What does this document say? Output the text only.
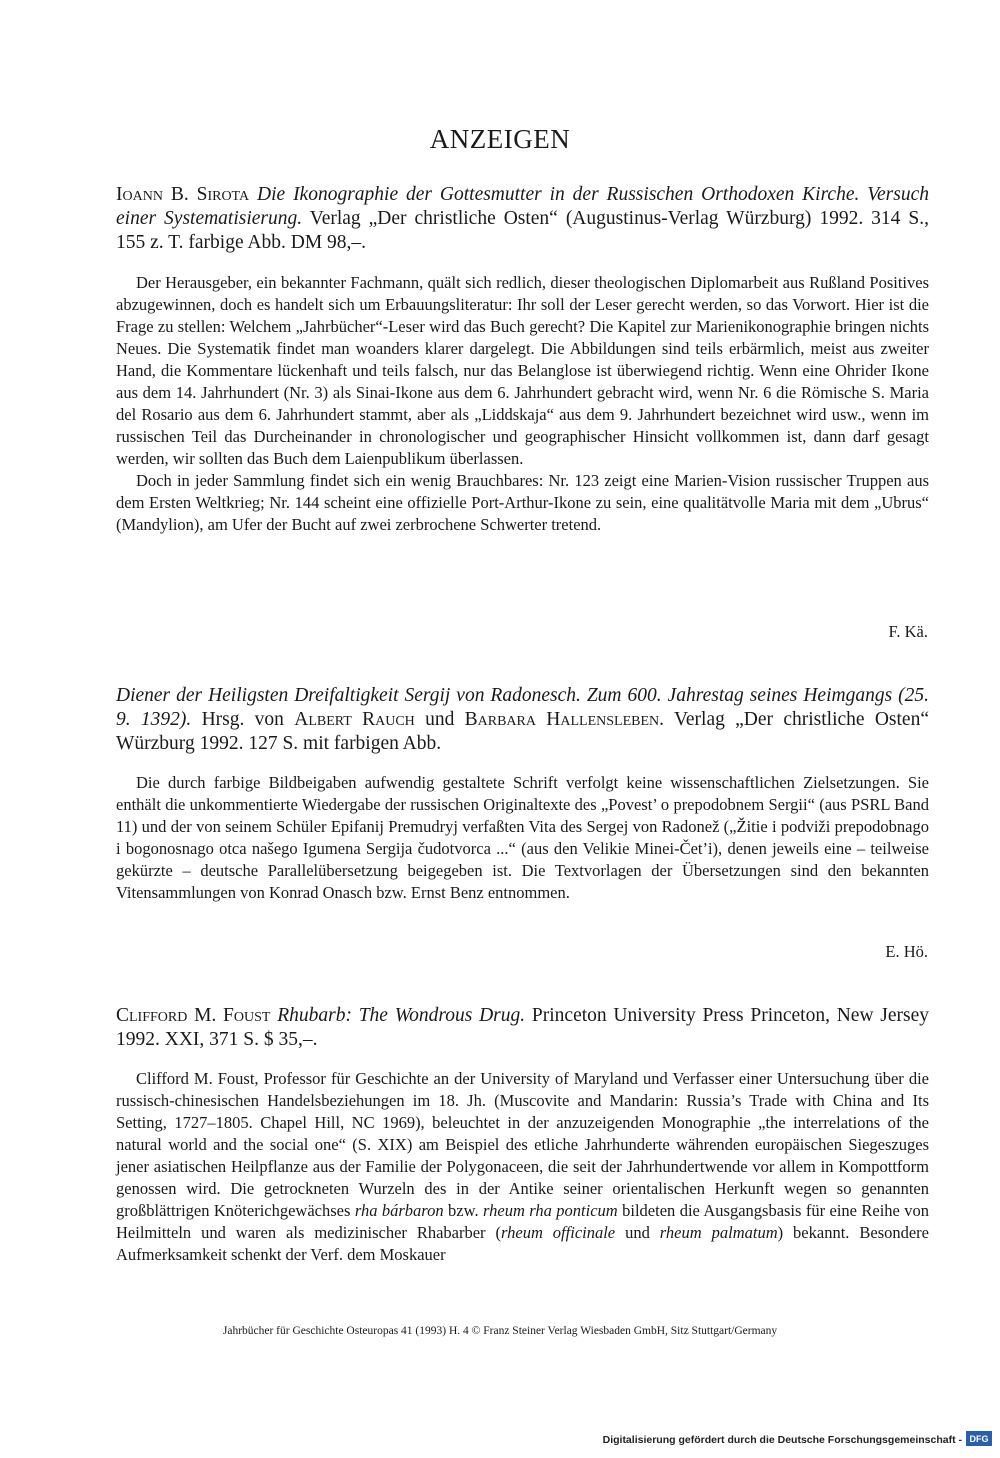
ANZEIGEN
Ioann B. Sirota Die Ikonographie der Gottesmutter in der Russischen Orthodoxen Kirche. Versuch einer Systematisierung. Verlag „Der christliche Osten“ (Augustinus-Verlag Würzburg) 1992. 314 S., 155 z. T. farbige Abb. DM 98,–.

Der Herausgeber, ein bekannter Fachmann, quält sich redlich, dieser theologischen Diplomarbeit aus Rußland Positives abzugewinnen, doch es handelt sich um Erbauungsliteratur: Ihr soll der Leser gerecht werden, so das Vorwort. Hier ist die Frage zu stellen: Welchem „Jahrbücher“-Leser wird das Buch gerecht? Die Kapitel zur Marienikonographie bringen nichts Neues. Die Systematik findet man woanders klarer dargelegt. Die Abbildungen sind teils erbärmlich, meist aus zweiter Hand, die Kommentare lückenhaft und teils falsch, nur das Belanglose ist überwiegend richtig. Wenn eine Ohrider Ikone aus dem 14. Jahrhundert (Nr. 3) als Sinai-Ikone aus dem 6. Jahrhundert gebracht wird, wenn Nr. 6 die Römische S. Maria del Rosario aus dem 6. Jahrhundert stammt, aber als „Liddskaja“ aus dem 9. Jahrhundert bezeichnet wird usw., wenn im russischen Teil das Durcheinander in chronologischer und geographischer Hinsicht vollkommen ist, dann darf gesagt werden, wir sollten das Buch dem Laienpublikum überlassen.

Doch in jeder Sammlung findet sich ein wenig Brauchbares: Nr. 123 zeigt eine Marien-Vision russischer Truppen aus dem Ersten Weltkrieg; Nr. 144 scheint eine offizielle Port-Arthur-Ikone zu sein, eine qualitätvolle Maria mit dem „Ubrus“ (Mandylion), am Ufer der Bucht auf zwei zerbrochene Schwerter tretend.

F. Kä.
Diener der Heiligsten Dreifaltigkeit Sergij von Radonesch. Zum 600. Jahrestag seines Heimgangs (25. 9. 1392). Hrsg. von Albert Rauch und Barbara Hallensleben. Verlag „Der christliche Osten“ Würzburg 1992. 127 S. mit farbigen Abb.

Die durch farbige Bildbeigaben aufwendig gestaltete Schrift verfolgt keine wissenschaftlichen Zielsetzungen. Sie enthält die unkommentierte Wiedergabe der russischen Originaltexte des „Povest’ o prepodobnem Sergii“ (aus PSRL Band 11) und der von seinem Schüler Epifanij Premudryj verfaßten Vita des Sergej von Radonež („Žitie i podviži prepodobnago i bogonosnago otca našego Igumena Sergija čudotvorca ...“ (aus den Velikie Minei-Čet’i), denen jeweils eine – teilweise gekürzte – deutsche Parallelübersetzung beigegeben ist. Die Textvorlagen der Übersetzungen sind den bekannten Vitensammlungen von Konrad Onasch bzw. Ernst Benz entnommen.

E. Hö.
Clifford M. Foust Rhubarb: The Wondrous Drug. Princeton University Press Princeton, New Jersey 1992. XXI, 371 S. $ 35,–.

Clifford M. Foust, Professor für Geschichte an der University of Maryland und Verfasser einer Untersuchung über die russisch-chinesischen Handelsbeziehungen im 18. Jh. (Muscovite and Mandarin: Russia’s Trade with China and Its Setting, 1727–1805. Chapel Hill, NC 1969), beleuchtet in der anzuzeigenden Monographie „the interrelations of the natural world and the social one“ (S. XIX) am Beispiel des etliche Jahrhunderte währenden europäischen Siegeszuges jener asiatischen Heilpflanze aus der Familie der Polygonaceen, die seit der Jahrhundertwende vor allem in Kompottform genossen wird. Die getrockneten Wurzeln des in der Antike seiner orientalischen Herkunft wegen so genannten großblättrigen Knöterichgewächses rha bárbaron bzw. rheum rha ponticum bildeten die Ausgangsbasis für eine Reihe von Heilmitteln und waren als medizinischer Rhabarber (rheum officinale und rheum palmatum) bekannt. Besondere Aufmerksamkeit schenkt der Verf. dem Moskauer

Jahrbücher für Geschichte Osteuropas 41 (1993) H. 4 © Franz Steiner Verlag Wiesbaden GmbH, Sitz Stuttgart/Germany
Digitalisierung gefördert durch die Deutsche Forschungsgemeinschaft - DFG
